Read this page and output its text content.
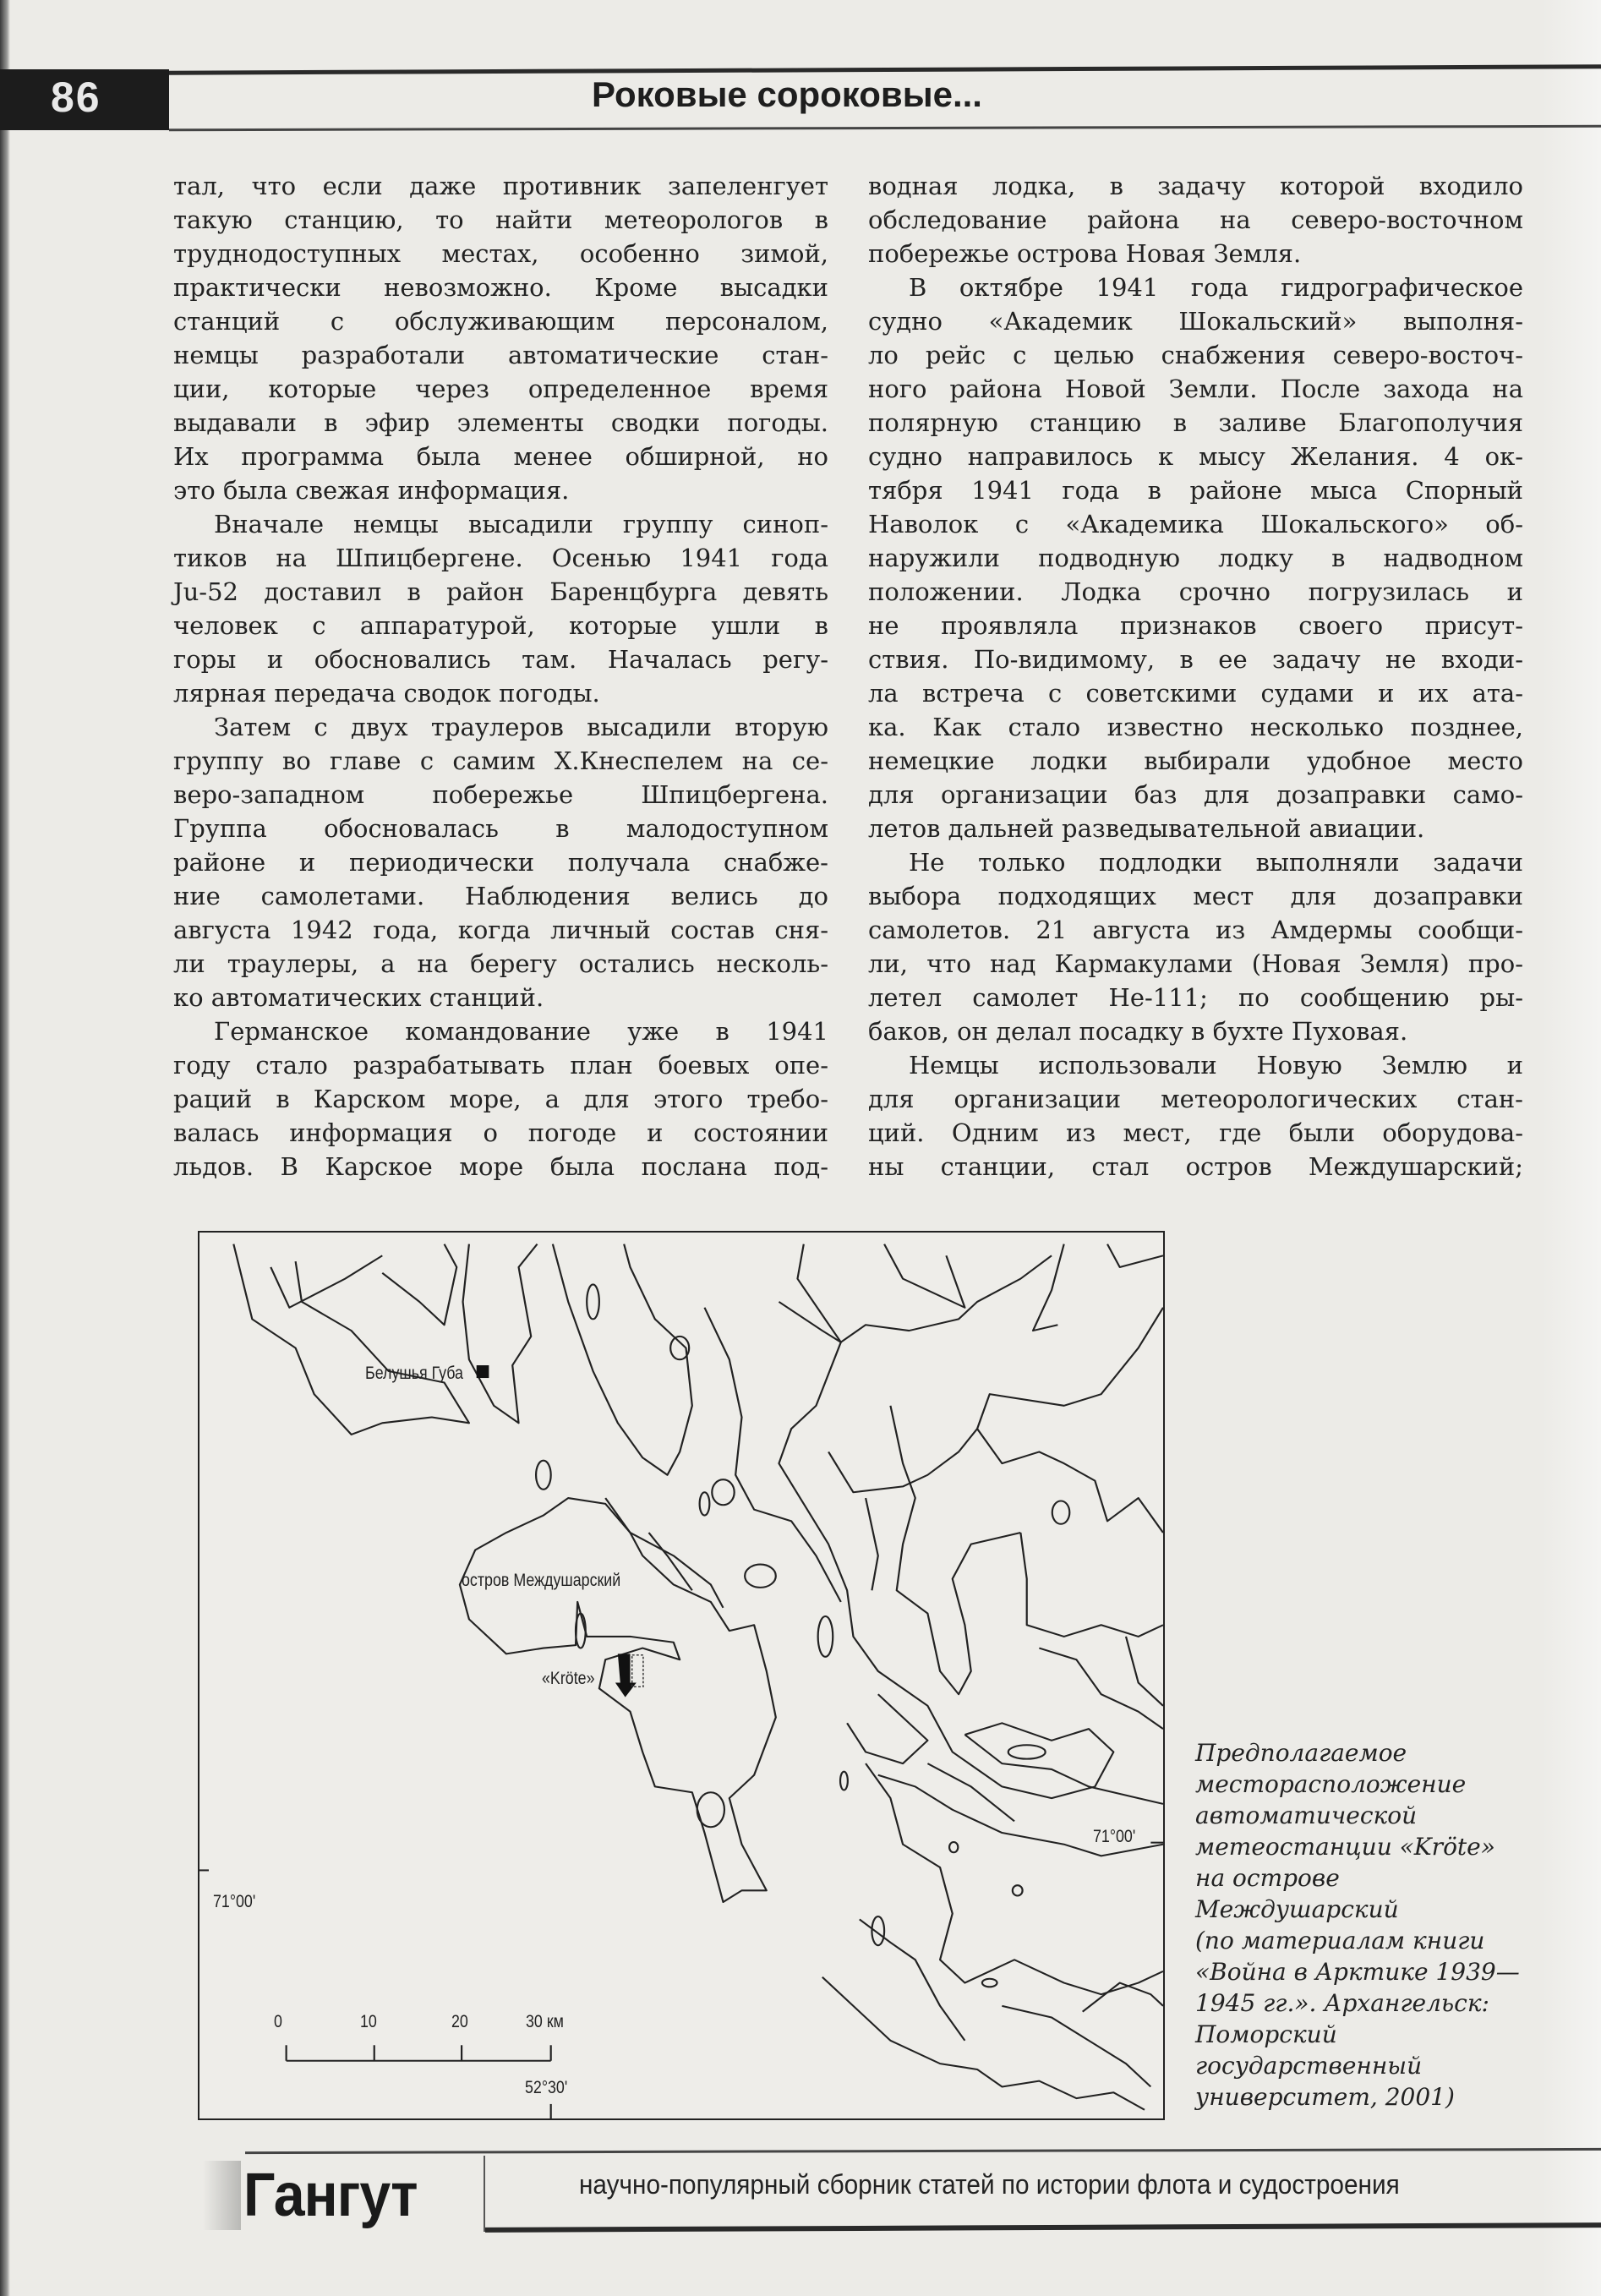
86	Роковые сороковые...
тал, что если даже противник запеленгует
такую станцию, то найти метеорологов в
труднодоступных местах, особенно зимой,
практически невозможно. Кроме высадки
станций с обслуживающим персоналом,
немцы разработали автоматические стан-
ции, которые через определенное время
выдавали в эфир элементы сводки погоды.
Их программа была менее обширной, но
это была свежая информация.
Вначале немцы высадили группу синоп-
тиков на Шпицбергене. Осенью 1941 года
Ju-52 доставил в район Баренцбурга девять
человек с аппаратурой, которые ушли в
горы и обосновались там. Началась регу-
лярная передача сводок погоды.
Затем с двух траулеров высадили вторую
группу во главе с самим Х.Кнеспелем на се-
веро-западном побережье Шпицбергена.
Группа обосновалась в малодоступном
районе и периодически получала снабже-
ние самолетами. Наблюдения велись до
августа 1942 года, когда личный состав сня-
ли траулеры, а на берегу остались несколь-
ко автоматических станций.
Германское командование уже в 1941
году стало разрабатывать план боевых опе-
раций в Карском море, а для этого требо-
валась информация о погоде и состоянии
льдов. В Карское море была послана под-
водная лодка, в задачу которой входило
обследование района на северо-восточном
побережье острова Новая Земля.
В октябре 1941 года гидрографическое
судно «Академик Шокальский» выполня-
ло рейс с целью снабжения северо-восточ-
ного района Новой Земли. После захода на
полярную станцию в заливе Благополучия
судно направилось к мысу Желания. 4 ок-
тября 1941 года в районе мыса Спорный
Наволок с «Академика Шокальского» об-
наружили подводную лодку в надводном
положении. Лодка срочно погрузилась и
не проявляла признаков своего присут-
ствия. По-видимому, в ее задачу не входи-
ла встреча с советскими судами и их ата-
ка. Как стало известно несколько позднее,
немецкие лодки выбирали удобное место
для организации баз для дозаправки само-
летов дальней разведывательной авиации.
Не только подлодки выполняли задачи
выбора подходящих мест для дозаправки
самолетов. 21 августа из Амдермы сообщи-
ли, что над Кармакулами (Новая Земля) про-
летел самолет Не-111; по сообщению ры-
баков, он делал посадку в бухте Пуховая.
Немцы использовали Новую Землю и
для организации метеорологических стан-
ций. Одним из мест, где были оборудова-
ны станции, стал остров Междушарский;
Белушья Губа
остров Междушарский
«Kröte»
71°00'
71°00'
52°30'
0	10	20	30 км
Предполагаемое
месторасположение
автоматической
метеостанции «Kröte»
на острове
Междушарский
(по материалам книги
«Война в Арктике 1939—
1945 гг.». Архангельск:
Поморский
государственный
университет, 2001)
Гангут	научно-популярный сборник статей по истории флота и судостроения
